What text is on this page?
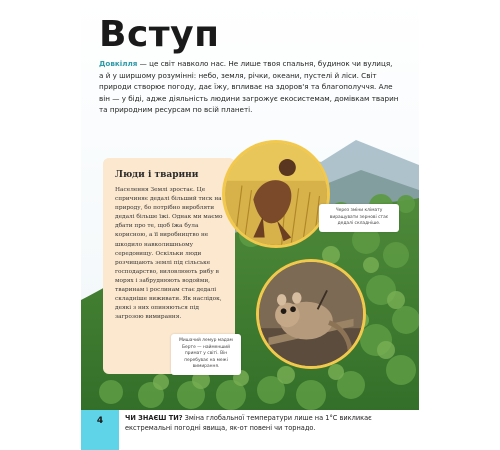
Вступ

Довкілля — це світ навколо нас. Не лише твоя спальня, будинок чи вулиця, а й у ширшому розумінні: небо, земля, річки, океани, пустелі й ліси. Світ природи створює погоду, дає їжу, впливає на здоров'я та благополуччя. Але він — у біді, адже діяльність людини загрожує екосистемам, домівкам тварин та природним ресурсам по всій планеті.

Люди і тварини

Населення Землі зростає. Це спричиняє дедалі більший тиск на природу, бо потрібно виробляти дедалі більше їжі. Однак ми маємо дбати про те, щоб їжа була корисною, а її виробництво не шкодило навколишньому середовищу. Оскільки люди розчищають землі під сільське господарство, виловлюють рибу в морях і забруднюють водойми, тваринам і рослинам стає дедалі складніше виживати. Як наслідок, деякі з них опиняються під загрозою вимирання.

Через зміни клімату виращувати зернові стає дедалі складніше.
Мишачий лемур мадам Берте — найменший примат у світі. Він перебуває на межі вимирання.
4	ЧИ ЗНАЄШ ТИ? Зміна глобальної температури лише на 1°С викликає екстремальні погодні явища, як-от повені чи торнадо.
